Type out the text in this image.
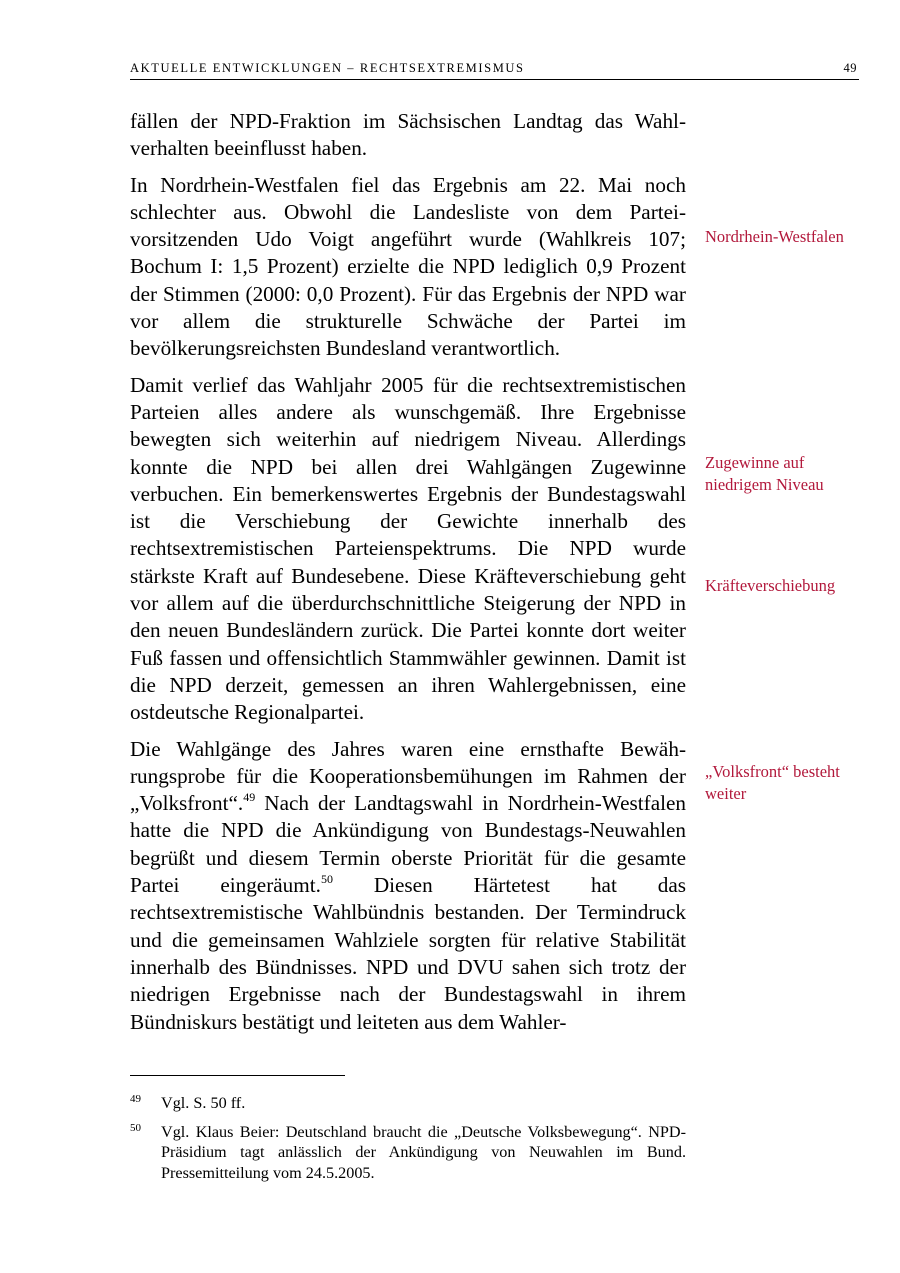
AKTUELLE ENTWICKLUNGEN – RECHTSEXTREMISMUS	49

fällen der NPD-Fraktion im Sächsischen Landtag das Wahlverhalten beeinflusst haben.

In Nordrhein-Westfalen fiel das Ergebnis am 22. Mai noch schlechter aus. Obwohl die Landesliste von dem Parteivorsitzenden Udo Voigt angeführt wurde (Wahlkreis 107; Bochum I: 1,5 Prozent) erzielte die NPD lediglich 0,9 Prozent der Stimmen (2000: 0,0 Prozent). Für das Ergebnis der NPD war vor allem die strukturelle Schwäche der Partei im bevölkerungsreichsten Bundesland verantwortlich.

Damit verlief das Wahljahr 2005 für die rechtsextremistischen Parteien alles andere als wunschgemäß. Ihre Ergebnisse bewegten sich weiterhin auf niedrigem Niveau. Allerdings konnte die NPD bei allen drei Wahlgängen Zugewinne verbuchen. Ein bemerkenswertes Ergebnis der Bundestagswahl ist die Verschiebung der Gewichte innerhalb des rechtsextremistischen Parteienspektrums. Die NPD wurde stärkste Kraft auf Bundesebene. Diese Kräfteverschiebung geht vor allem auf die überdurchschnittliche Steigerung der NPD in den neuen Bundesländern zurück. Die Partei konnte dort weiter Fuß fassen und offensichtlich Stammwähler gewinnen. Damit ist die NPD derzeit, gemessen an ihren Wahlergebnissen, eine ostdeutsche Regionalpartei.

Die Wahlgänge des Jahres waren eine ernsthafte Bewährungsprobe für die Kooperationsbemühungen im Rahmen der „Volksfront“.$^{49}$ Nach der Landtagswahl in Nordrhein-Westfalen hatte die NPD die Ankündigung von Bundestags-Neuwahlen begrüßt und diesem Termin oberste Priorität für die gesamte Partei eingeräumt.$^{50}$ Diesen Härtetest hat das rechtsextremistische Wahlbündnis bestanden. Der Termindruck und die gemeinsamen Wahlziele sorgten für relative Stabilität innerhalb des Bündnisses. NPD und DVU sahen sich trotz der niedrigen Ergebnisse nach der Bundestagswahl in ihrem Bündniskurs bestätigt und leiteten aus dem Wahler-

Nordrhein-Westfalen
Zugewinne auf niedrigem Niveau
Kräfteverschiebung
„Volksfront“ besteht weiter
49	Vgl. S. 50 ff.
50	Vgl. Klaus Beier: Deutschland braucht die „Deutsche Volksbewegung“. NPD-Präsidium tagt anlässlich der Ankündigung von Neuwahlen im Bund. Pressemitteilung vom 24.5.2005.
